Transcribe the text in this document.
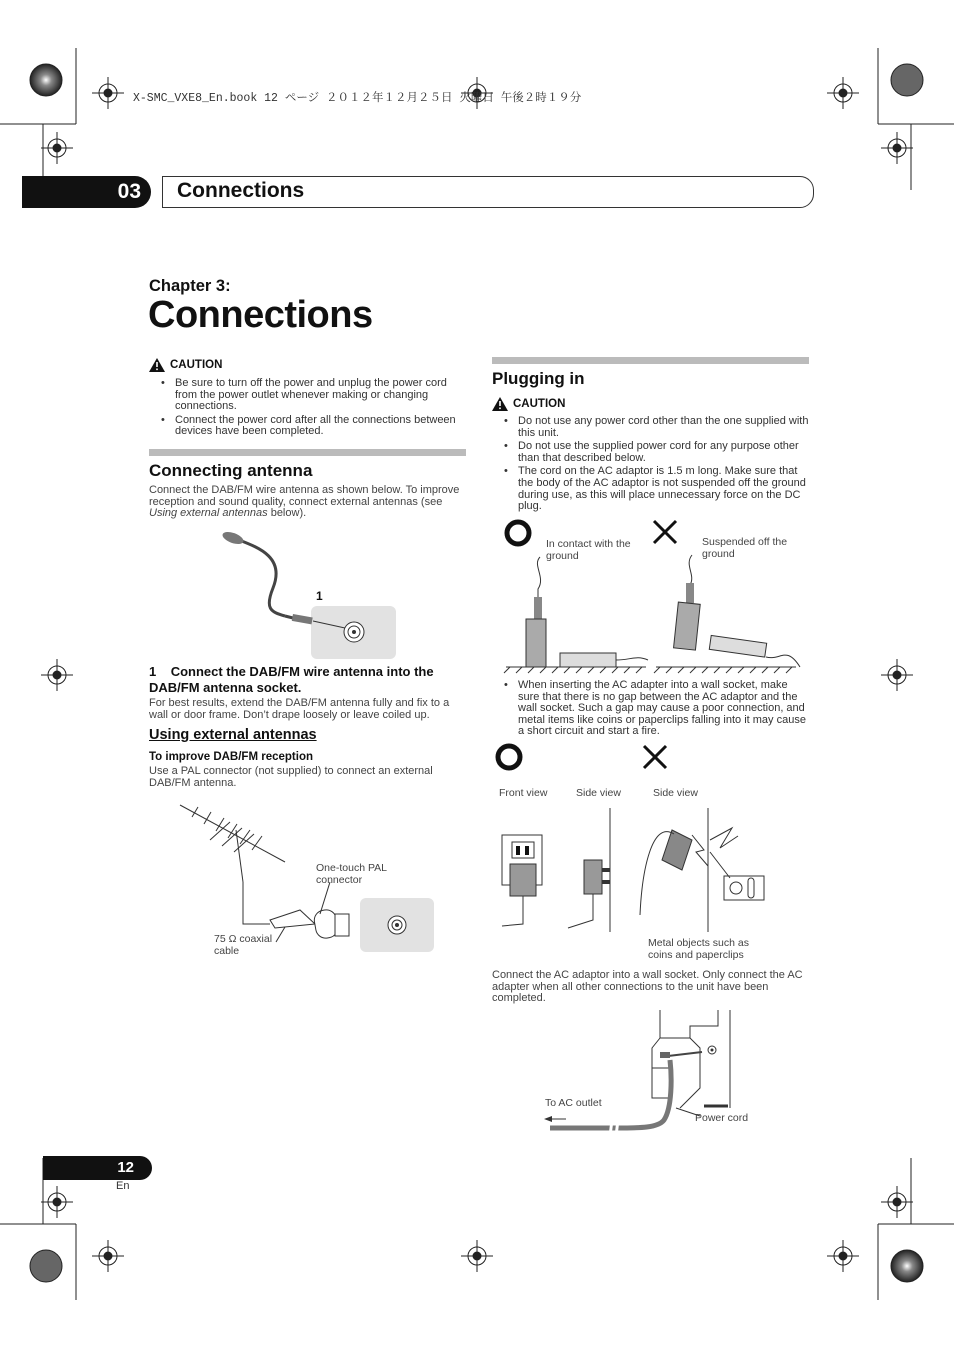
X-SMC_VXE8_En.book 12 ページ ２０１２年１２月２５日 火曜日 午後２時１９分
03	Connections
Chapter 3:
Connections
CAUTION
• Be sure to turn off the power and unplug the power cord from the power outlet whenever making or changing connections.
• Connect the power cord after all the connections between devices have been completed.
Connecting antenna
Connect the DAB/FM wire antenna as shown below. To improve reception and sound quality, connect external antennas (see Using external antennas below).
1
1 Connect the DAB/FM wire antenna into the DAB/FM antenna socket.
For best results, extend the DAB/FM antenna fully and fix to a wall or door frame. Don’t drape loosely or leave coiled up.
Using external antennas
To improve DAB/FM reception
Use a PAL connector (not supplied) to connect an external DAB/FM antenna.
One-touch PAL
connector
75 Ω coaxial
cable
Plugging in
CAUTION
• Do not use any power cord other than the one supplied with this unit.
• Do not use the supplied power cord for any purpose other than that described below.
• The cord on the AC adaptor is 1.5 m long. Make sure that the body of the AC adaptor is not suspended off the ground during use, as this will place unnecessary force on the DC plug.
In contact with the
ground
Suspended off the
ground
• When inserting the AC adapter into a wall socket, make sure that there is no gap between the AC adaptor and the wall socket. Such a gap may cause a poor connection, and metal items like coins or paperclips falling into it may cause a short circuit and start a fire.
Front view	Side view	Side view
Metal objects such as
coins and paperclips
Connect the AC adaptor into a wall socket. Only connect the AC adapter when all other connections to the unit have been completed.
To AC outlet
Power cord
12
En
